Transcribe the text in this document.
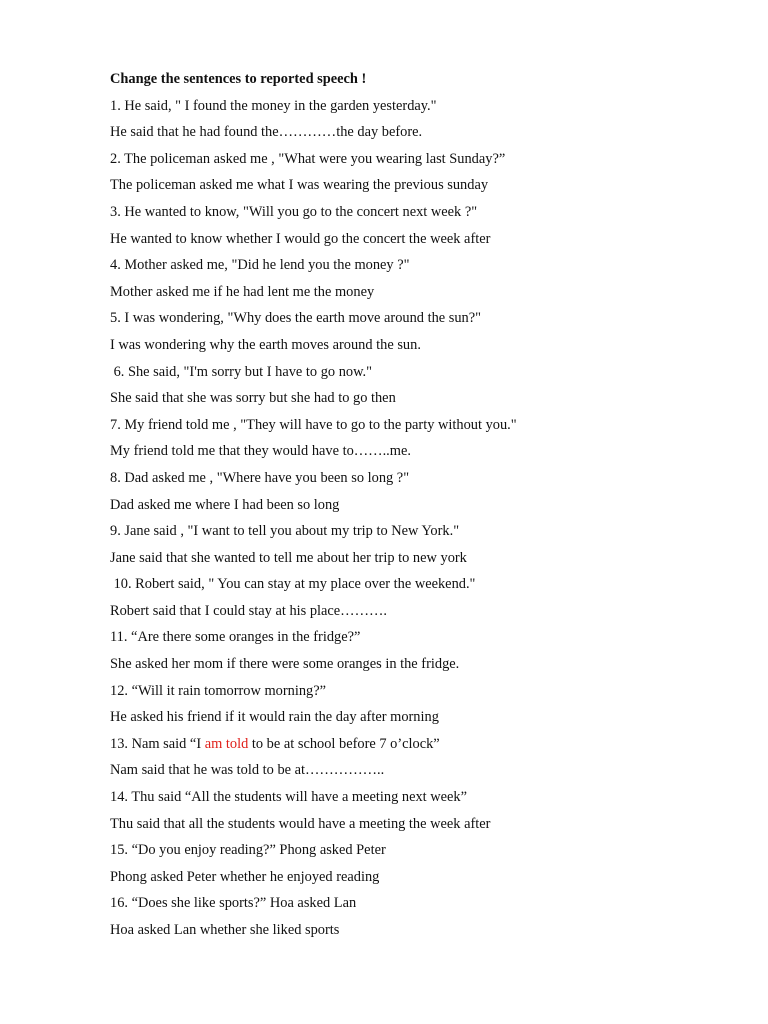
Change the sentences to reported speech !

1. He said, " I found the money in the garden yesterday."

He said that he had found the…………the day before.

2. The policeman asked me , "What were you wearing last Sunday?”

The policeman asked me what I was wearing the previous sunday

3. He wanted to know, "Will you go to the concert next week ?"

He wanted to know whether I would go the concert the week after

4. Mother asked me, "Did he lend you the money ?"

Mother asked me if he had lent me the money

5. I was wondering, "Why does the earth move around the sun?"

I was wondering why the earth moves around the sun.

6. She said, "I'm sorry but I have to go now."

She said that she was sorry but she had to go then

7. My friend told me , "They will have to go to the party without you."

My friend told me that they would have to……..me.

8. Dad asked me , "Where have you been so long ?"

Dad asked me where I had been so long

9. Jane said , "I want to tell you about my trip to New York."

Jane said that she wanted to tell me about her trip to new york

10. Robert said, " You can stay at my place over the weekend."

Robert said that I could stay at his place……….

11. “Are there some oranges in the fridge?”

She asked her mom if there were some oranges in the fridge.

12. “Will it rain tomorrow morning?”

He asked his friend if it would rain the day after morning

13. Nam said “I am told to be at school before 7 o’clock”

Nam said that he was told to be at……………..

14. Thu said “All the students will have a meeting next week”

Thu said that all the students would have a meeting the week after

15. “Do you enjoy reading?” Phong asked Peter

Phong asked Peter whether he enjoyed reading

16. “Does she like sports?” Hoa asked Lan

Hoa asked Lan whether she liked sports
